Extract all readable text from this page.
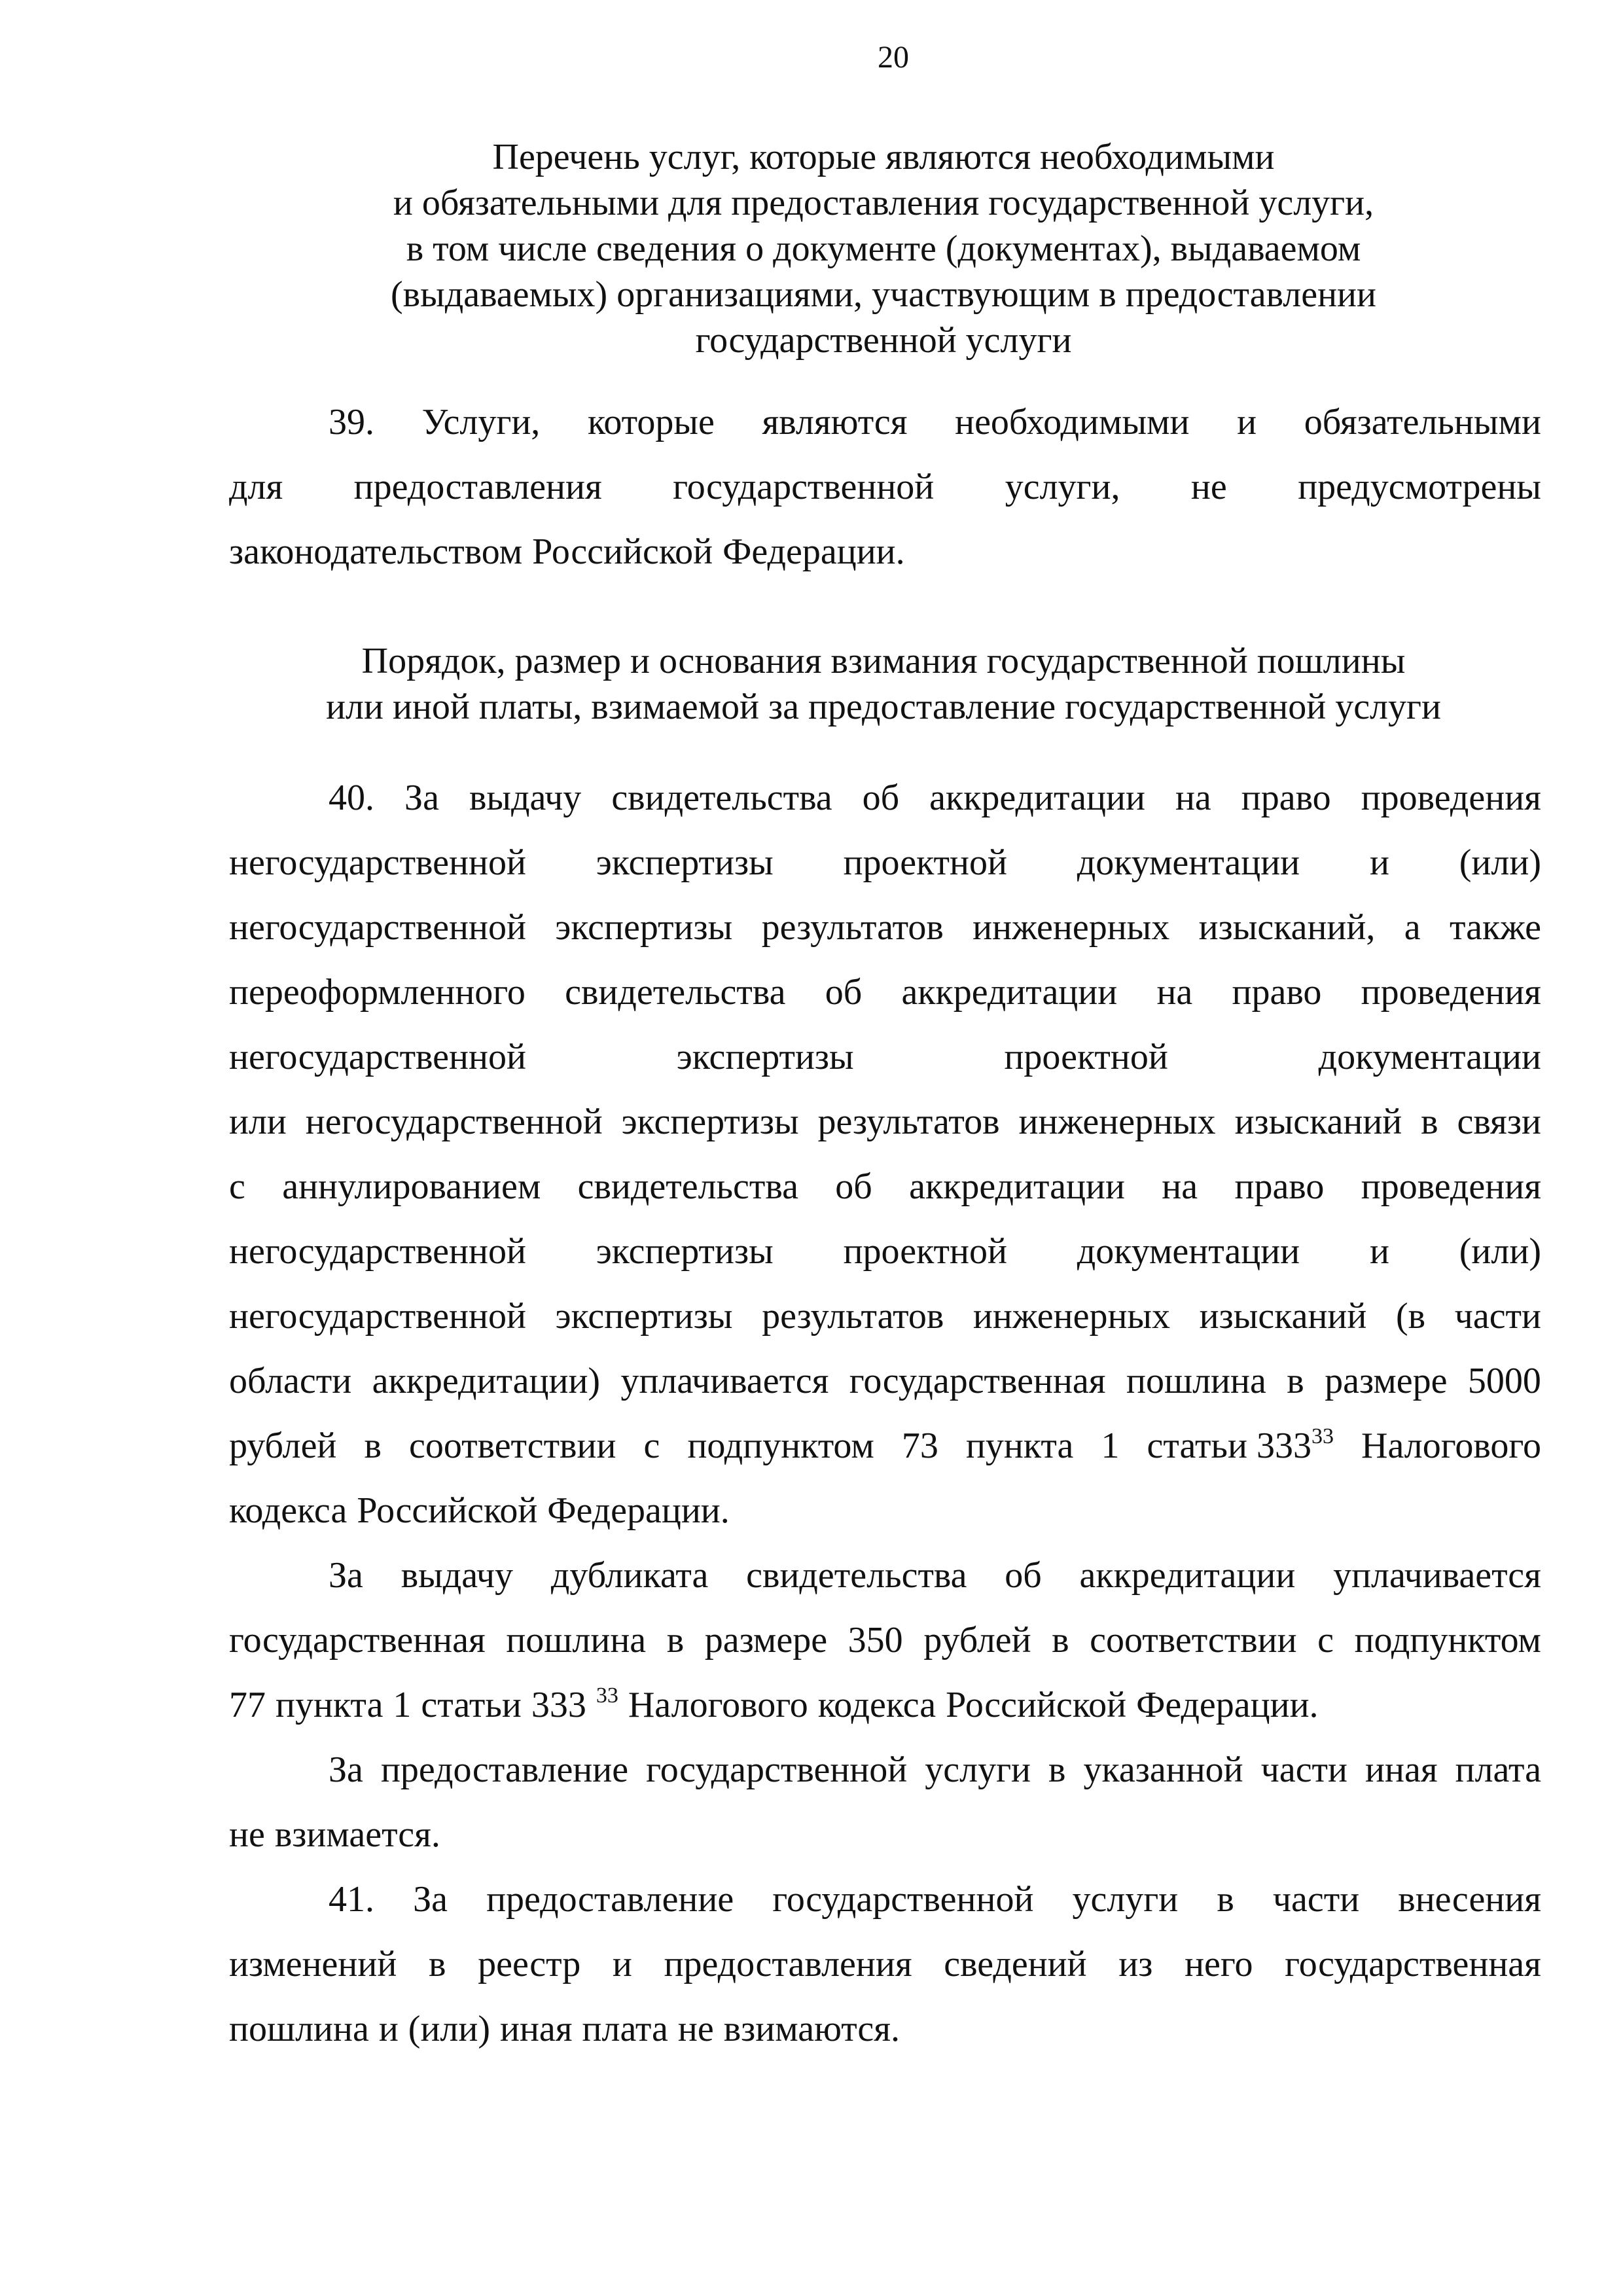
20
Перечень услуг, которые являются необходимыми
и обязательными для предоставления государственной услуги,
в том числе сведения о документе (документах), выдаваемом
(выдаваемых) организациями, участвующим в предоставлении
государственной услуги
39. Услуги, которые являются необходимыми и обязательными
для предоставления государственной услуги, не предусмотрены
законодательством Российской Федерации.
Порядок, размер и основания взимания государственной пошлины
или иной платы, взимаемой за предоставление государственной услуги
40. За выдачу свидетельства об аккредитации на право проведения
негосударственной экспертизы проектной документации и (или)
негосударственной экспертизы результатов инженерных изысканий, а также
переоформленного свидетельства об аккредитации на право проведения
негосударственной	экспертизы	проектной	документации
или негосударственной экспертизы результатов инженерных изысканий в связи
с аннулированием свидетельства об аккредитации на право проведения
негосударственной экспертизы проектной документации и (или)
негосударственной экспертизы результатов инженерных изысканий (в части
области аккредитации) уплачивается государственная пошлина в размере 5000
рублей в соответствии с подпунктом 73 пункта 1 статьи $333^{33}$ Налогового
кодекса Российской Федерации.
За выдачу дубликата свидетельства об аккредитации уплачивается
государственная пошлина в размере 350 рублей в соответствии с подпунктом
77 пункта 1 статьи 333 $^{33}$ Налогового кодекса Российской Федерации.
За предоставление государственной услуги в указанной части иная плата
не взимается.
41. За предоставление государственной услуги в части внесения
изменений в реестр и предоставления сведений из него государственная
пошлина и (или) иная плата не взимаются.
